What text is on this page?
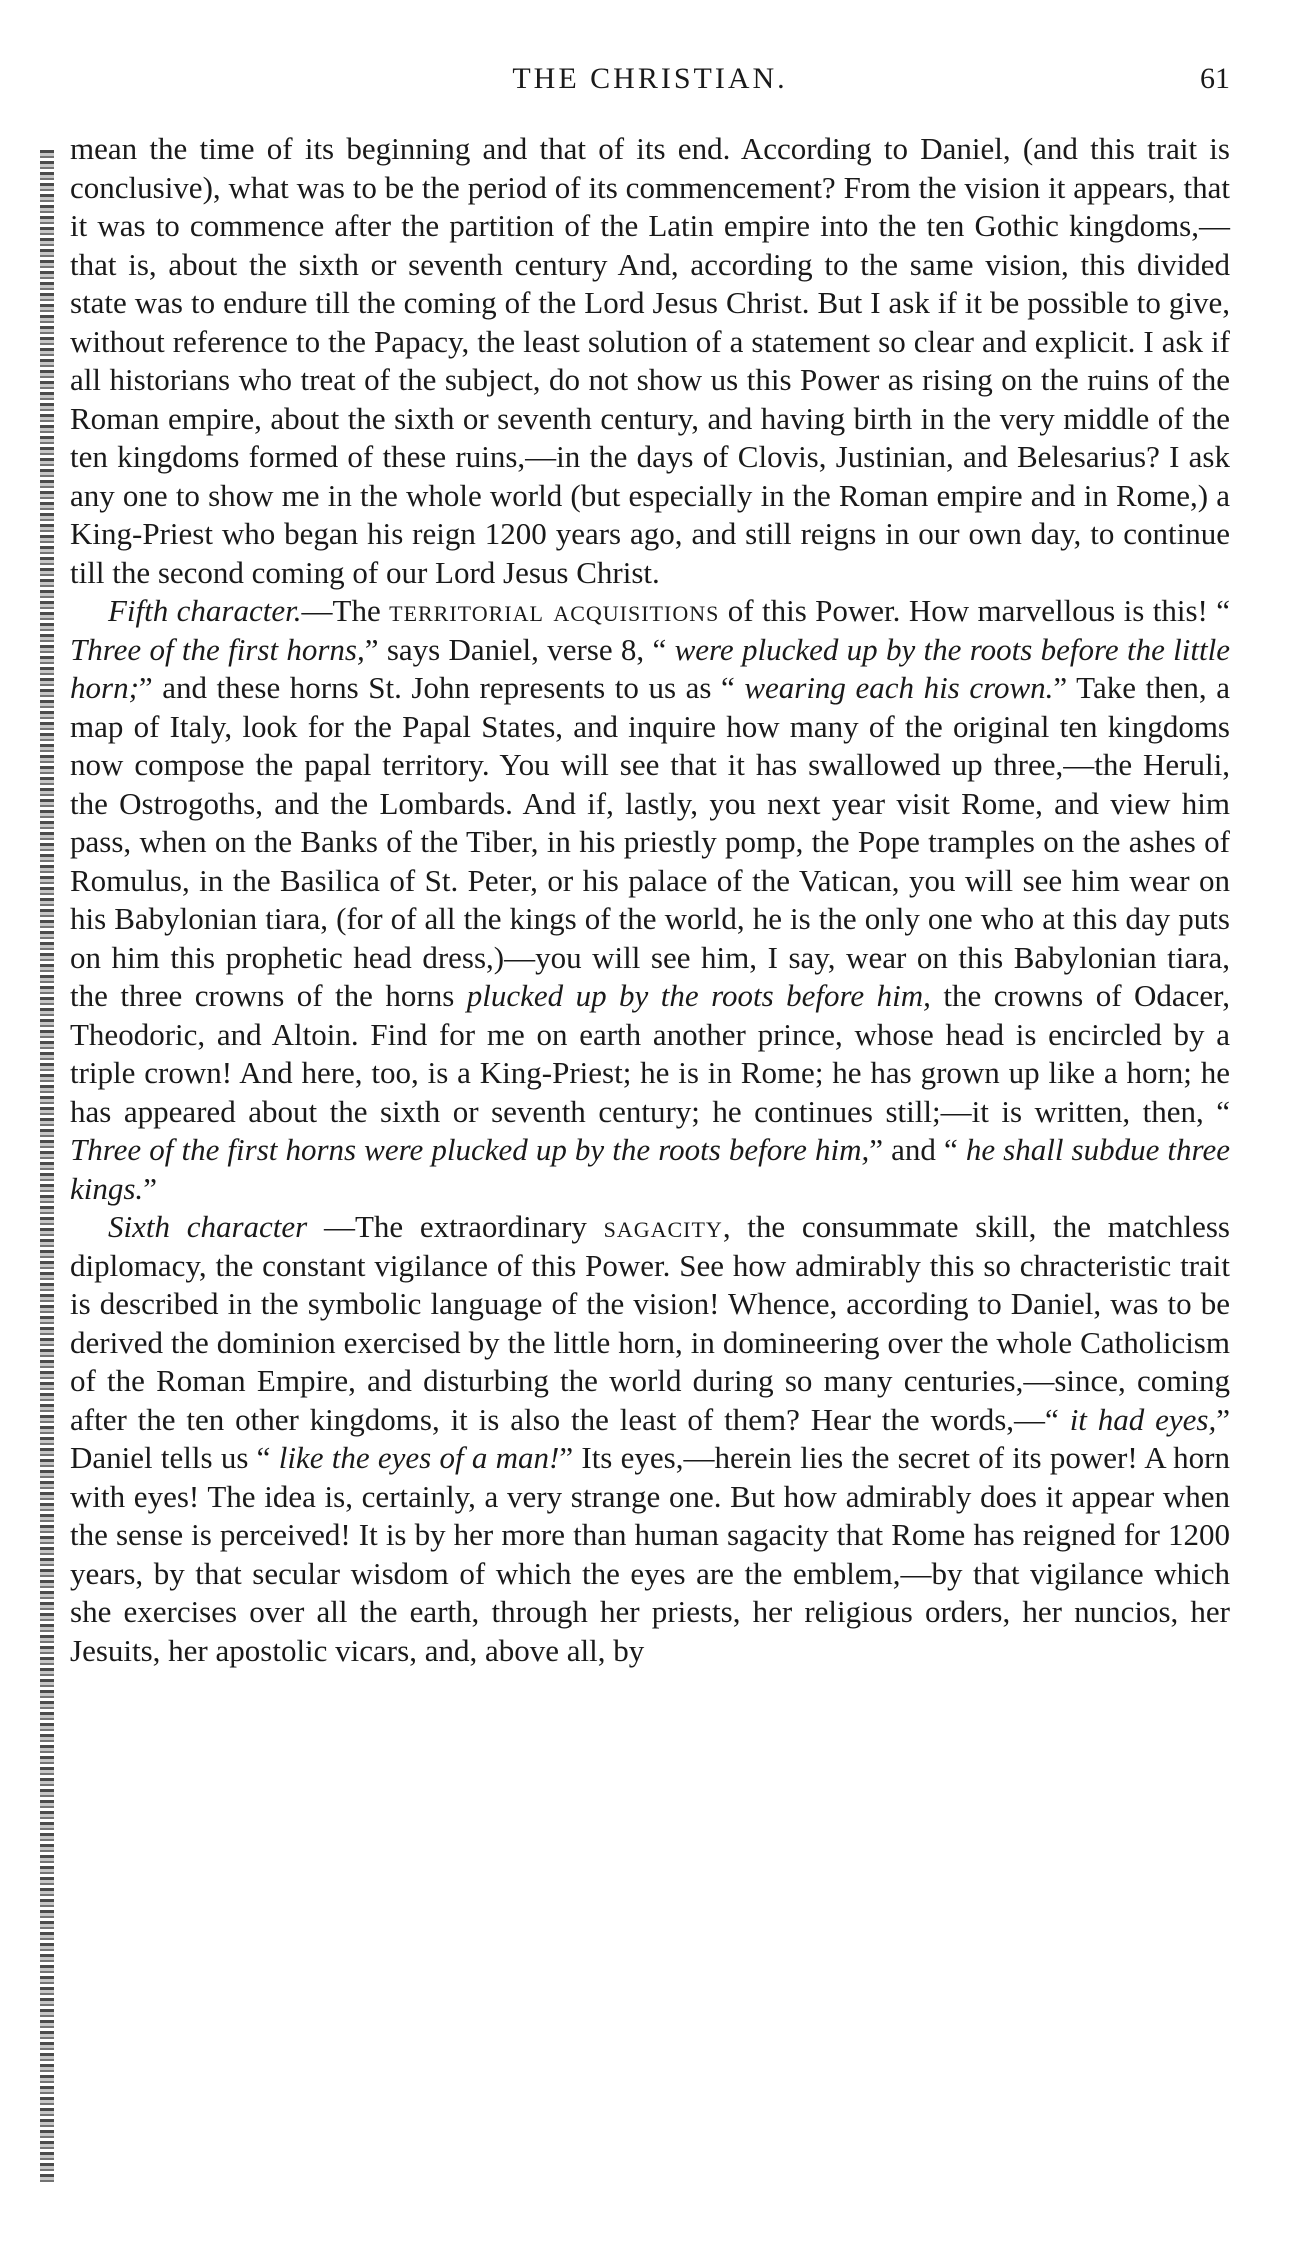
THE CHRISTIAN.	61

mean the time of its beginning and that of its end. According to Daniel, (and this trait is conclusive), what was to be the period of its commencement? From the vision it appears, that it was to commence after the partition of the Latin empire into the ten Gothic kingdoms,—that is, about the sixth or seventh century And, according to the same vision, this divided state was to endure till the coming of the Lord Jesus Christ. But I ask if it be possible to give, without reference to the Papacy, the least solution of a statement so clear and explicit. I ask if all historians who treat of the subject, do not show us this Power as rising on the ruins of the Roman empire, about the sixth or seventh century, and having birth in the very middle of the ten kingdoms formed of these ruins,—in the days of Clovis, Justinian, and Belesarius? I ask any one to show me in the whole world (but especially in the Roman empire and in Rome,) a King-Priest who began his reign 1200 years ago, and still reigns in our own day, to continue till the second coming of our Lord Jesus Christ.

Fifth character.—The territorial acquisitions of this Power. How marvellous is this! “ Three of the first horns,” says Daniel, verse 8, “ were plucked up by the roots before the little horn;” and these horns St. John represents to us as “ wearing each his crown.” Take then, a map of Italy, look for the Papal States, and inquire how many of the original ten kingdoms now compose the papal territory. You will see that it has swallowed up three,—the Heruli, the Ostrogoths, and the Lombards. And if, lastly, you next year visit Rome, and view him pass, when on the Banks of the Tiber, in his priestly pomp, the Pope tramples on the ashes of Romulus, in the Basilica of St. Peter, or his palace of the Vatican, you will see him wear on his Babylonian tiara, (for of all the kings of the world, he is the only one who at this day puts on him this prophetic head dress,)—you will see him, I say, wear on this Babylonian tiara, the three crowns of the horns plucked up by the roots before him, the crowns of Odacer, Theodoric, and Altoin. Find for me on earth another prince, whose head is encircled by a triple crown! And here, too, is a King-Priest; he is in Rome; he has grown up like a horn; he has appeared about the sixth or seventh century; he continues still;—it is written, then, “ Three of the first horns were plucked up by the roots before him,” and “ he shall subdue three kings.”

Sixth character —The extraordinary sagacity, the consummate skill, the matchless diplomacy, the constant vigilance of this Power. See how admirably this so chracteristic trait is described in the symbolic language of the vision! Whence, according to Daniel, was to be derived the dominion exercised by the little horn, in domineering over the whole Catholicism of the Roman Empire, and disturbing the world during so many centuries,—since, coming after the ten other kingdoms, it is also the least of them? Hear the words,—“ it had eyes,” Daniel tells us “ like the eyes of a man!” Its eyes,—herein lies the secret of its power! A horn with eyes! The idea is, certainly, a very strange one. But how admirably does it appear when the sense is perceived! It is by her more than human sagacity that Rome has reigned for 1200 years, by that secular wisdom of which the eyes are the emblem,—by that vigilance which she exercises over all the earth, through her priests, her religious orders, her nuncios, her Jesuits, her apostolic vicars, and, above all, by
